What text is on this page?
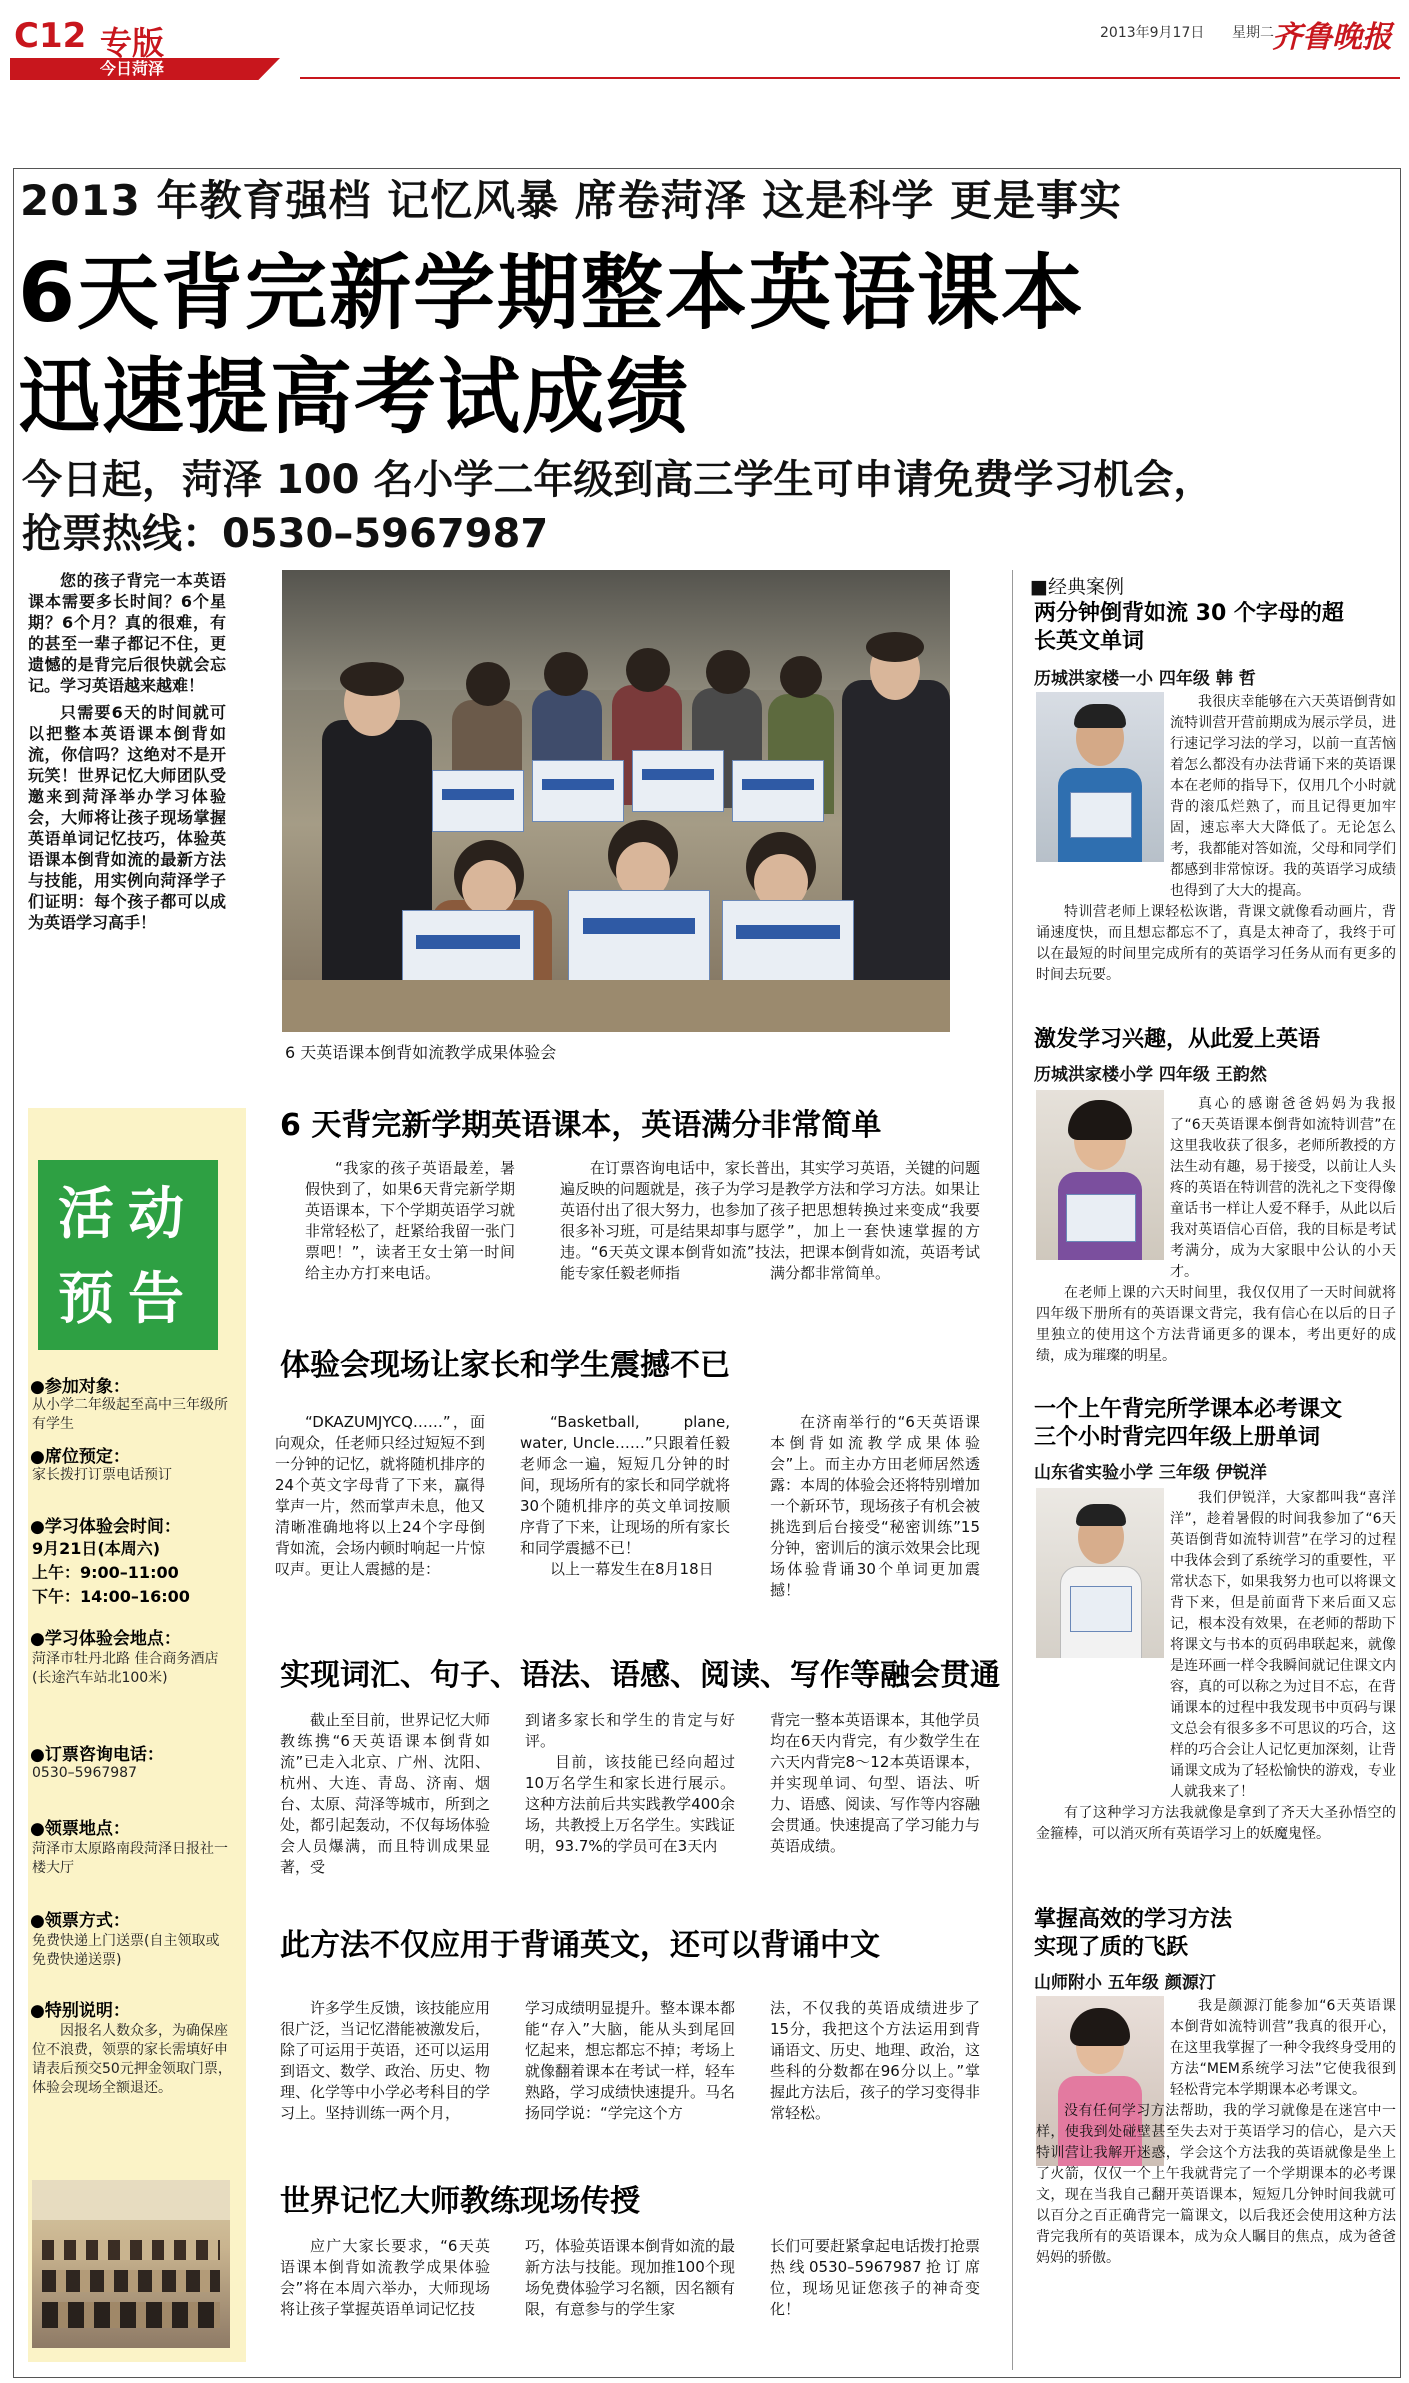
C12 专版
今日菏泽
2013年9月17日 星期二
齐鲁晚报
2013 年教育强档 记忆风暴 席卷菏泽 这是科学 更是事实
6天背完新学期整本英语课本
迅速提高考试成绩
今日起，菏泽 100 名小学二年级到高三学生可申请免费学习机会，
抢票热线：0530–5967987

您的孩子背完一本英语课本需要多长时间？6个星期？6个月？真的很难，有的甚至一辈子都记不住，更遗憾的是背完后很快就会忘记。学习英语越来越难！

只需要6天的时间就可以把整本英语课本倒背如流，你信吗？这绝对不是开玩笑！世界记忆大师团队受邀来到菏泽举办学习体验会，大师将让孩子现场掌握英语单词记忆技巧，体验英语课本倒背如流的最新方法与技能，用实例向菏泽学子们证明：每个孩子都可以成为英语学习高手！

6 天英语课本倒背如流教学成果体验会
活动
预告
●参加对象：
从小学二年级起至高中三年级所有学生
●席位预定：
家长拨打订票电话预订
●学习体验会时间：
9月21日(本周六)
上午：9:00–11:00
下午：14:00–16:00
●学习体验会地点：
菏泽市牡丹北路 佳合商务酒店(长途汽车站北100米)
●订票咨询电话：
0530–5967987
●领票地点：
菏泽市太原路南段菏泽日报社一楼大厅
●领票方式：
免费快递上门送票(自主领取或免费快递送票)
●特别说明：
因报名人数众多，为确保座位不浪费，领票的家长需填好申请表后预交50元押金领取门票，体验会现场全额退还。
6 天背完新学期英语课本，英语满分非常简单

“我家的孩子英语最差，暑假快到了，如果6天背完新学期英语课本，下个学期英语学习就非常轻松了，赶紧给我留一张门票吧！”，读者王女士第一时间给主办方打来电话。

在订票咨询电话中，家长普遍反映的问题就是，孩子为学习英语付出了很大努力，也参加了很多补习班，可是结果却事与愿违。“6天英文课本倒背如流”技能专家任毅老师指

出，其实学习英语，关键的问题是教学方法和学习方法。如果让孩子把思想转换过来变成“我要学”，加上一套快速掌握的方法，把课本倒背如流，英语考试满分都非常简单。

体验会现场让家长和学生震撼不已

“DKAZUMJYCQ……”，面向观众，任老师只经过短短不到一分钟的记忆，就将随机排序的24个英文字母背了下来，赢得掌声一片，然而掌声未息，他又清晰准确地将以上24个字母倒背如流，会场内顿时响起一片惊叹声。更让人震撼的是：

“Basketball, plane, water, Uncle……”只跟着任毅老师念一遍，短短几分钟的时间，现场所有的家长和同学就将30个随机排序的英文单词按顺序背了下来，让现场的所有家长和同学震撼不已！

以上一幕发生在8月18日

在济南举行的“6天英语课本倒背如流教学成果体验会”上。而主办方田老师居然透露：本周的体验会还将特别增加一个新环节，现场孩子有机会被挑选到后台接受“秘密训练”15分钟，密训后的演示效果会比现场体验背诵30个单词更加震撼！

实现词汇、句子、语法、语感、阅读、写作等融会贯通

截止至目前，世界记忆大师教练携“6天英语课本倒背如流”已走入北京、广州、沈阳、杭州、大连、青岛、济南、烟台、太原、菏泽等城市，所到之处，都引起轰动，不仅每场体验会人员爆满，而且特训成果显著，受

到诸多家长和学生的肯定与好评。

目前，该技能已经向超过10万名学生和家长进行展示。这种方法前后共实践教学400余场，共教授上万名学生。实践证明，93.7%的学员可在3天内

背完一整本英语课本，其他学员均在6天内背完，有少数学生在六天内背完8～12本英语课本，并实现单词、句型、语法、听力、语感、阅读、写作等内容融会贯通。快速提高了学习能力与英语成绩。

此方法不仅应用于背诵英文，还可以背诵中文

许多学生反馈，该技能应用很广泛，当记忆潜能被激发后，除了可运用于英语，还可以运用到语文、数学、政治、历史、物理、化学等中小学必考科目的学习上。坚持训练一两个月，

学习成绩明显提升。整本课本都能“存入”大脑，能从头到尾回忆起来，想忘都忘不掉；考场上就像翻着课本在考试一样，轻车熟路，学习成绩快速提升。马名扬同学说：“学完这个方

法，不仅我的英语成绩进步了15分，我把这个方法运用到背诵语文、历史、地理、政治，这些科的分数都在96分以上。”掌握此方法后，孩子的学习变得非常轻松。

世界记忆大师教练现场传授

应广大家长要求，“6天英语课本倒背如流教学成果体验会”将在本周六举办，大师现场将让孩子掌握英语单词记忆技

巧，体验英语课本倒背如流的最新方法与技能。现加推100个现场免费体验学习名额，因名额有限，有意参与的学生家

长们可要赶紧拿起电话拨打抢票热线0530–5967987抢订席位，现场见证您孩子的神奇变化！

■经典案例
两分钟倒背如流 30 个字母的超
长英文单词
历城洪家楼一小 四年级 韩 哲

我很庆幸能够在六天英语倒背如流特训营开营前期成为展示学员，进行速记学习法的学习，以前一直苦恼着怎么都没有办法背诵下来的英语课本在老师的指导下，仅用几个小时就背的滚瓜烂熟了，而且记得更加牢固，速忘率大大降低了。无论怎么考，我都能对答如流，父母和同学们都感到非常惊讶。我的英语学习成绩也得到了大大的提高。

特训营老师上课轻松诙谐，背课文就像看动画片，背诵速度快，而且想忘都忘不了，真是太神奇了，我终于可以在最短的时间里完成所有的英语学习任务从而有更多的时间去玩要。

激发学习兴趣，从此爱上英语
历城洪家楼小学 四年级 王韵然

真心的感谢爸爸妈妈为我报了“6天英语课本倒背如流特训营”在这里我收获了很多，老师所教授的方法生动有趣，易于接受，以前让人头疼的英语在特训营的洗礼之下变得像童话书一样让人爱不释手，从此以后我对英语信心百倍，我的目标是考试考满分，成为大家眼中公认的小天才。

在老师上课的六天时间里，我仅仅用了一天时间就将四年级下册所有的英语课文背完，我有信心在以后的日子里独立的使用这个方法背诵更多的课本，考出更好的成绩，成为璀璨的明星。

一个上午背完所学课本必考课文
三个小时背完四年级上册单词
山东省实验小学 三年级 伊锐洋

我们伊锐洋，大家都叫我“喜洋洋”，趁着暑假的时间我参加了“6天英语倒背如流特训营”在学习的过程中我体会到了系统学习的重要性，平常状态下，如果我努力也可以将课文背下来，但是前面背下来后面又忘记，根本没有效果，在老师的帮助下将课文与书本的页码串联起来，就像是连环画一样令我瞬间就记住课文内容，真的可以称之为过目不忘，在背诵课本的过程中我发现书中页码与课文总会有很多多不可思议的巧合，这样的巧合会让人记忆更加深刻，让背诵课文成为了轻松愉快的游戏，专业人就我来了！

有了这种学习方法我就像是拿到了齐天大圣孙悟空的金箍棒，可以消灭所有英语学习上的妖魔鬼怪。

掌握高效的学习方法
实现了质的飞跃
山师附小 五年级 颜源汀

我是颜源汀能参加“6天英语课本倒背如流特训营”我真的很开心，在这里我掌握了一种令我终身受用的方法“MEM系统学习法”它使我很到轻松背完本学期课本必考课文。

没有任何学习方法帮助，我的学习就像是在迷宫中一样，使我到处碰壁甚至失去对于英语学习的信心，是六天特训营让我解开迷惑，学会这个方法我的英语就像是坐上了火箭，仅仅一个上午我就背完了一个学期课本的必考课文，现在当我自己翻开英语课本，短短几分钟时间我就可以百分之百正确背完一篇课文，以后我还会使用这种方法背完我所有的英语课本，成为众人瞩目的焦点，成为爸爸妈妈的骄傲。
